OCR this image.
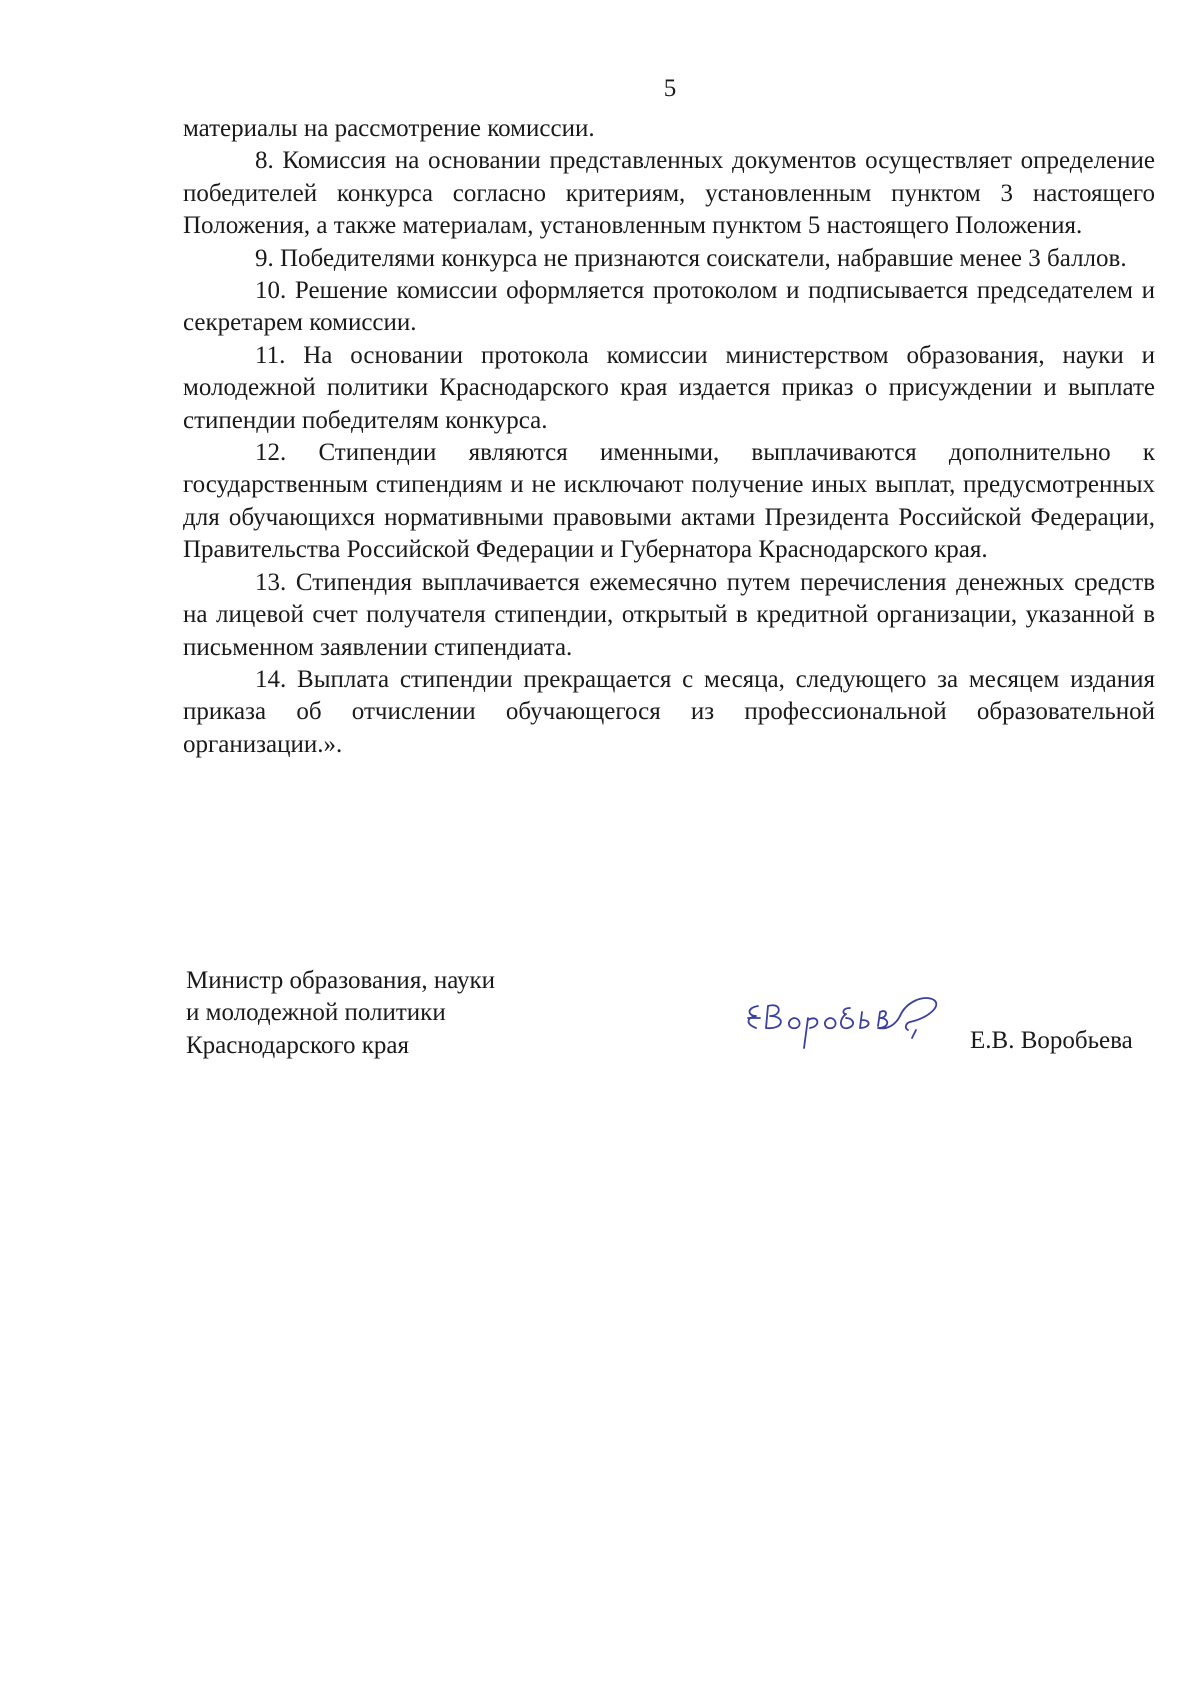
5

материалы на рассмотрение комиссии.

8. Комиссия на основании представленных документов осуществляет определение победителей конкурса согласно критериям, установленным пунктом 3 настоящего Положения, а также материалам, установленным пунктом 5 настоящего Положения.

9. Победителями конкурса не признаются соискатели, набравшие менее 3 баллов.

10. Решение комиссии оформляется протоколом и подписывается председателем и секретарем комиссии.

11. На основании протокола комиссии министерством образования, науки и молодежной политики Краснодарского края издается приказ о присуждении и выплате стипендии победителям конкурса.

12. Стипендии являются именными, выплачиваются дополнительно к государственным стипендиям и не исключают получение иных выплат, предусмотренных для обучающихся нормативными правовыми актами Президента Российской Федерации, Правительства Российской Федерации и Губернатора Краснодарского края.

13. Стипендия выплачивается ежемесячно путем перечисления денежных средств на лицевой счет получателя стипендии, открытый в кредитной организации, указанной в письменном заявлении стипендиата.

14. Выплата стипендии прекращается с месяца, следующего за месяцем издания приказа об отчислении обучающегося из профессиональной образовательной организации.».

Министр образования, науки
и молодежной политики
Краснодарского края	Е.В. Воробьева
